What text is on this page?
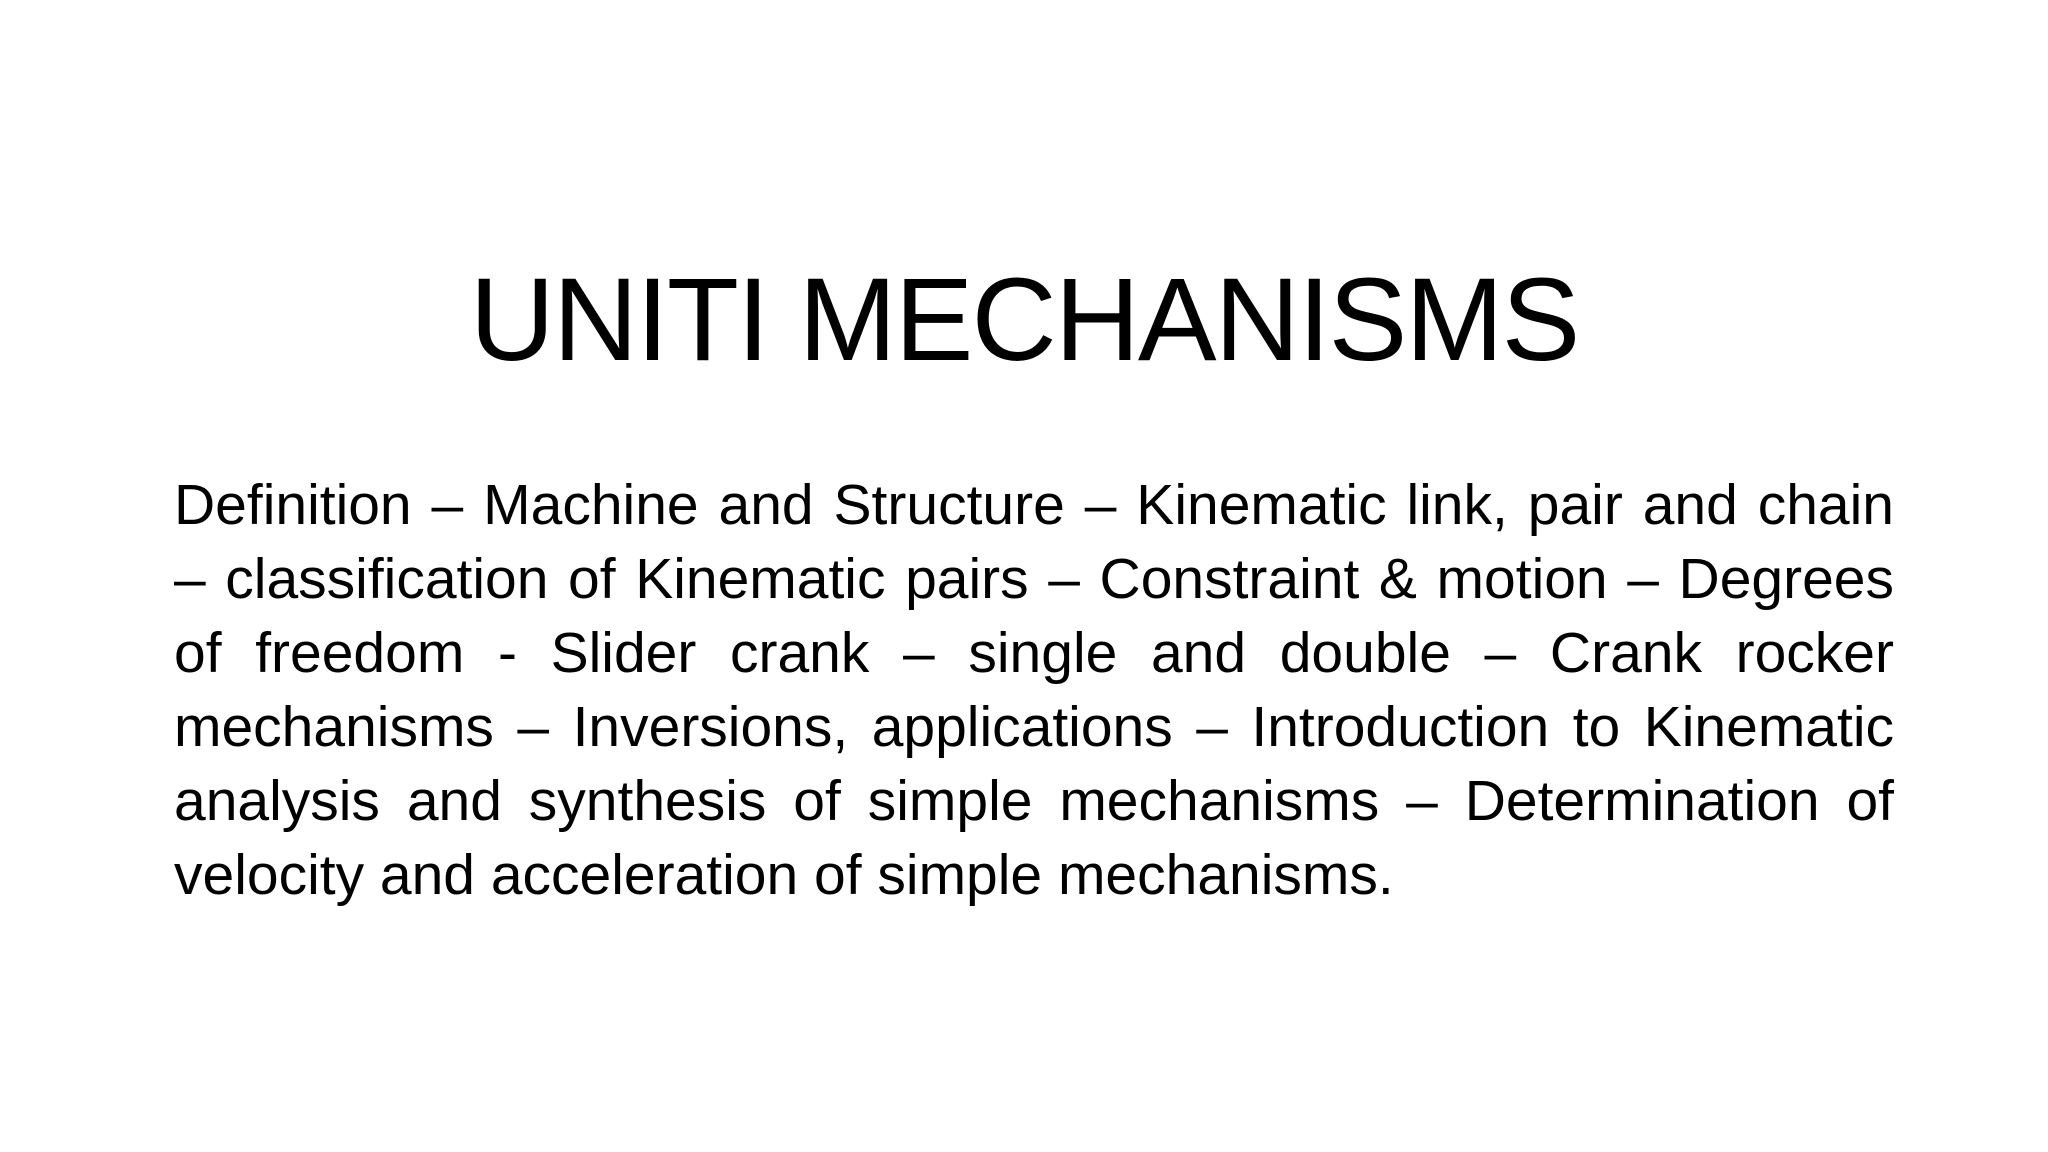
UNITI MECHANISMS

Definition – Machine and Structure – Kinematic link, pair and chain – classification of Kinematic pairs – Constraint & motion – Degrees of freedom - Slider crank – single and double – Crank rocker mechanisms – Inversions, applications – Introduction to Kinematic analysis and synthesis of simple mechanisms – Determination of velocity and acceleration of simple mechanisms.
